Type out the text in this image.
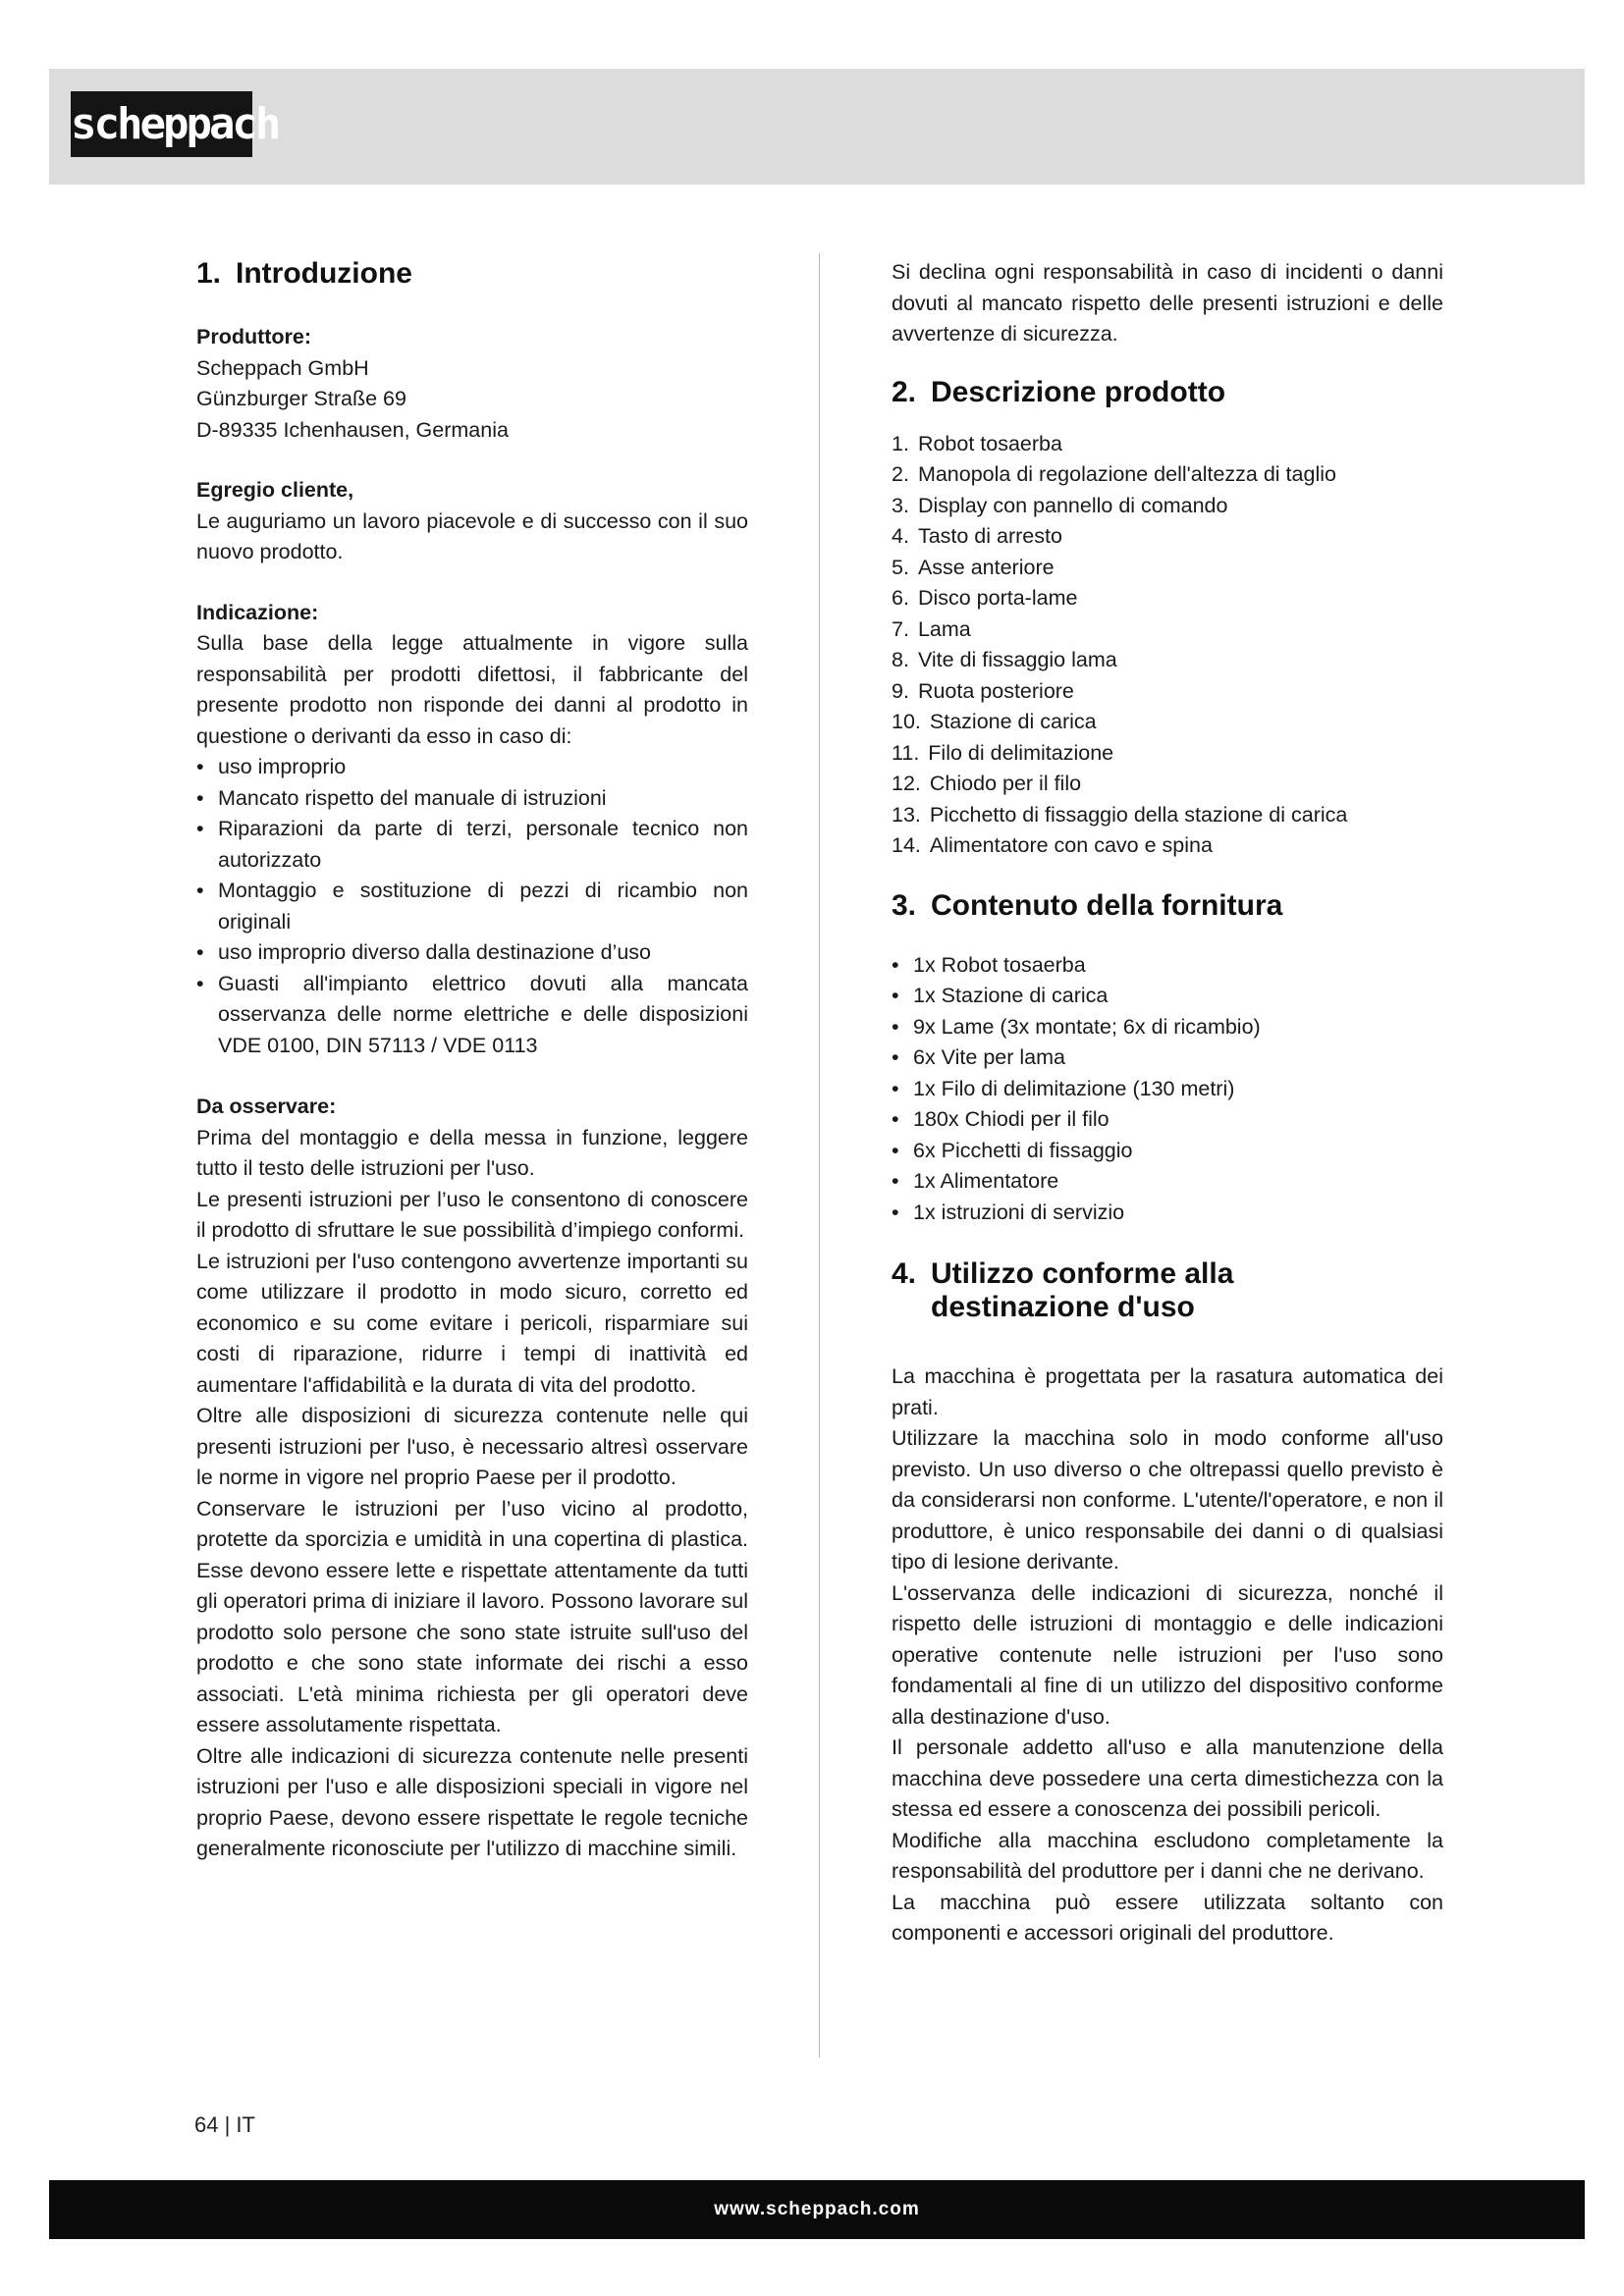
scheppach
1. Introduzione
Produttore:

Scheppach GmbH

Günzburger Straße 69

D-89335 Ichenhausen, Germania

Egregio cliente,

Le auguriamo un lavoro piacevole e di successo con il suo nuovo prodotto.

Indicazione:

Sulla base della legge attualmente in vigore sulla responsabilità per prodotti difettosi, il fabbricante del presente prodotto non risponde dei danni al prodotto in questione o derivanti da esso in caso di:

• uso improprio
• Mancato rispetto del manuale di istruzioni
• Riparazioni da parte di terzi, personale tecnico non autorizzato
• Montaggio e sostituzione di pezzi di ricambio non originali
• uso improprio diverso dalla destinazione d’uso
• Guasti all'impianto elettrico dovuti alla mancata osservanza delle norme elettriche e delle disposizioni VDE 0100, DIN 57113 / VDE 0113
Da osservare:

Prima del montaggio e della messa in funzione, leggere tutto il testo delle istruzioni per l'uso.

Le presenti istruzioni per l’uso le consentono di conoscere il prodotto di sfruttare le sue possibilità d’impiego conformi.

Le istruzioni per l'uso contengono avvertenze importanti su come utilizzare il prodotto in modo sicuro, corretto ed economico e su come evitare i pericoli, risparmiare sui costi di riparazione, ridurre i tempi di inattività ed aumentare l'affidabilità e la durata di vita del prodotto.

Oltre alle disposizioni di sicurezza contenute nelle qui presenti istruzioni per l'uso, è necessario altresì osservare le norme in vigore nel proprio Paese per il prodotto.

Conservare le istruzioni per l’uso vicino al prodotto, protette da sporcizia e umidità in una copertina di plastica. Esse devono essere lette e rispettate attentamente da tutti gli operatori prima di iniziare il lavoro. Possono lavorare sul prodotto solo persone che sono state istruite sull'uso del prodotto e che sono state informate dei rischi a esso associati. L'età minima richiesta per gli operatori deve essere assolutamente rispettata.

Oltre alle indicazioni di sicurezza contenute nelle presenti istruzioni per l'uso e alle disposizioni speciali in vigore nel proprio Paese, devono essere rispettate le regole tecniche generalmente riconosciute per l'utilizzo di macchine simili.

Si declina ogni responsabilità in caso di incidenti o danni dovuti al mancato rispetto delle presenti istruzioni e delle avvertenze di sicurezza.

2. Descrizione prodotto
1. Robot tosaerba
2. Manopola di regolazione dell'altezza di taglio
3. Display con pannello di comando
4. Tasto di arresto
5. Asse anteriore
6. Disco porta-lame
7. Lama
8. Vite di fissaggio lama
9. Ruota posteriore
10. Stazione di carica
11. Filo di delimitazione
12. Chiodo per il filo
13. Picchetto di fissaggio della stazione di carica
14. Alimentatore con cavo e spina
3. Contenuto della fornitura
• 1x Robot tosaerba
• 1x Stazione di carica
• 9x Lame (3x montate; 6x di ricambio)
• 6x Vite per lama
• 1x Filo di delimitazione (130 metri)
• 180x Chiodi per il filo
• 6x Picchetti di fissaggio
• 1x Alimentatore
• 1x istruzioni di servizio
4. Utilizzo conforme alla destinazione d'uso

La macchina è progettata per la rasatura automatica dei prati.

Utilizzare la macchina solo in modo conforme all'uso previsto. Un uso diverso o che oltrepassi quello previsto è da considerarsi non conforme. L'utente/l'operatore, e non il produttore, è unico responsabile dei danni o di qualsiasi tipo di lesione derivante.

L'osservanza delle indicazioni di sicurezza, nonché il rispetto delle istruzioni di montaggio e delle indicazioni operative contenute nelle istruzioni per l'uso sono fondamentali al fine di un utilizzo del dispositivo conforme alla destinazione d'uso.

Il personale addetto all'uso e alla manutenzione della macchina deve possedere una certa dimestichezza con la stessa ed essere a conoscenza dei possibili pericoli.

Modifiche alla macchina escludono completamente la responsabilità del produttore per i danni che ne derivano.

La macchina può essere utilizzata soltanto con componenti e accessori originali del produttore.

64 | IT
www.scheppach.com
